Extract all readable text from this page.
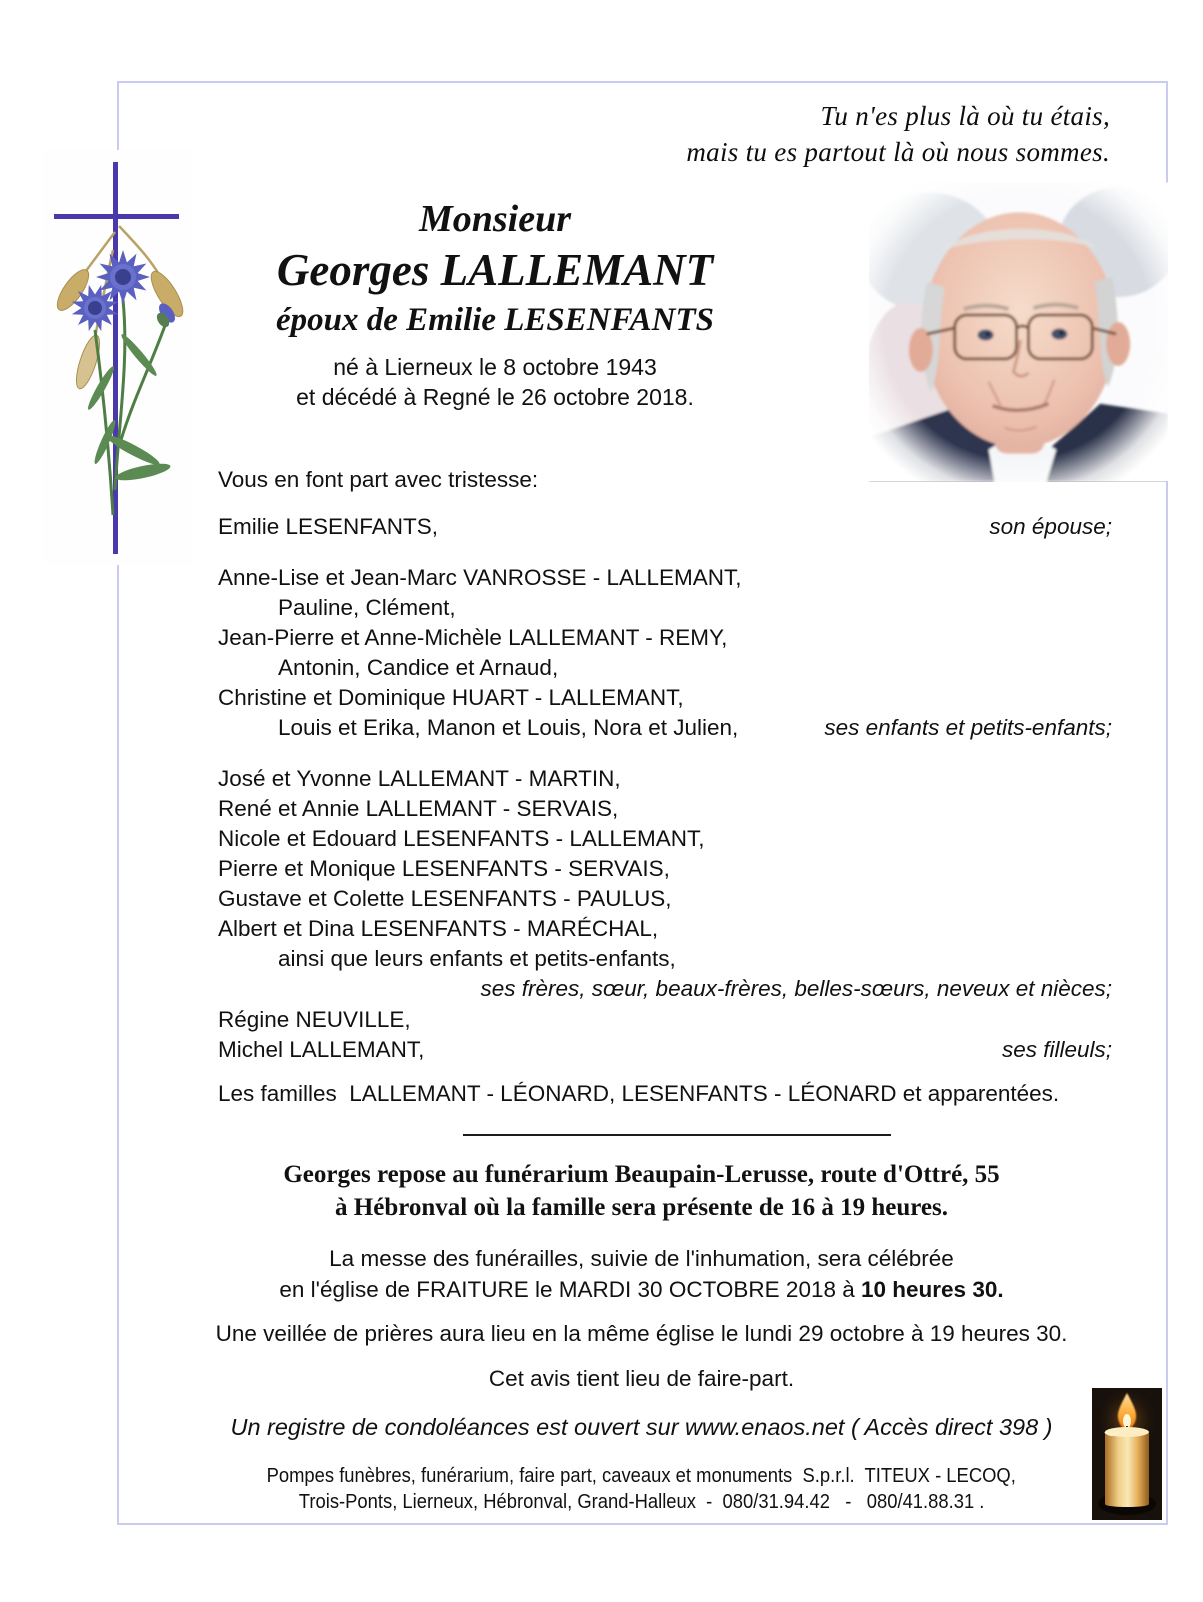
Tu n'es plus là où tu étais,
mais tu es partout là où nous sommes.
Monsieur
Georges LALLEMANT
époux de Emilie LESENFANTS
né à Lierneux le 8 octobre 1943
et décédé à Regné le 26 octobre 2018.
Vous en font part avec tristesse:
Emilie LESENFANTS,	son épouse;
Anne-Lise et Jean-Marc VANROSSE - LALLEMANT,
Pauline, Clément,
Jean-Pierre et Anne-Michèle LALLEMANT - REMY,
Antonin, Candice et Arnaud,
Christine et Dominique HUART - LALLEMANT,
Louis et Erika, Manon et Louis, Nora et Julien,	ses enfants et petits-enfants;
José et Yvonne LALLEMANT - MARTIN,
René et Annie LALLEMANT - SERVAIS,
Nicole et Edouard LESENFANTS - LALLEMANT,
Pierre et Monique LESENFANTS - SERVAIS,
Gustave et Colette LESENFANTS - PAULUS,
Albert et Dina LESENFANTS - MARÉCHAL,
ainsi que leurs enfants et petits-enfants,
ses frères, sœur, beaux-frères, belles-sœurs, neveux et nièces;
Régine NEUVILLE,
Michel LALLEMANT,	ses filleuls;
Les familles  LALLEMANT - LÉONARD, LESENFANTS - LÉONARD et apparentées.
Georges repose au funérarium Beaupain-Lerusse, route d'Ottré, 55
à Hébronval où la famille sera présente de 16 à 19 heures.
La messe des funérailles, suivie de l'inhumation, sera célébrée
en l'église de FRAITURE le MARDI 30 OCTOBRE 2018 à 10 heures 30.
Une veillée de prières aura lieu en la même église le lundi 29 octobre à 19 heures 30.
Cet avis tient lieu de faire-part.
Un registre de condoléances est ouvert sur www.enaos.net ( Accès direct 398 )
Pompes funèbres, funérarium, faire part, caveaux et monuments  S.p.r.l.  TITEUX - LECOQ,
Trois-Ponts, Lierneux, Hébronval, Grand-Halleux  -  080/31.94.42   -   080/41.88.31 .
